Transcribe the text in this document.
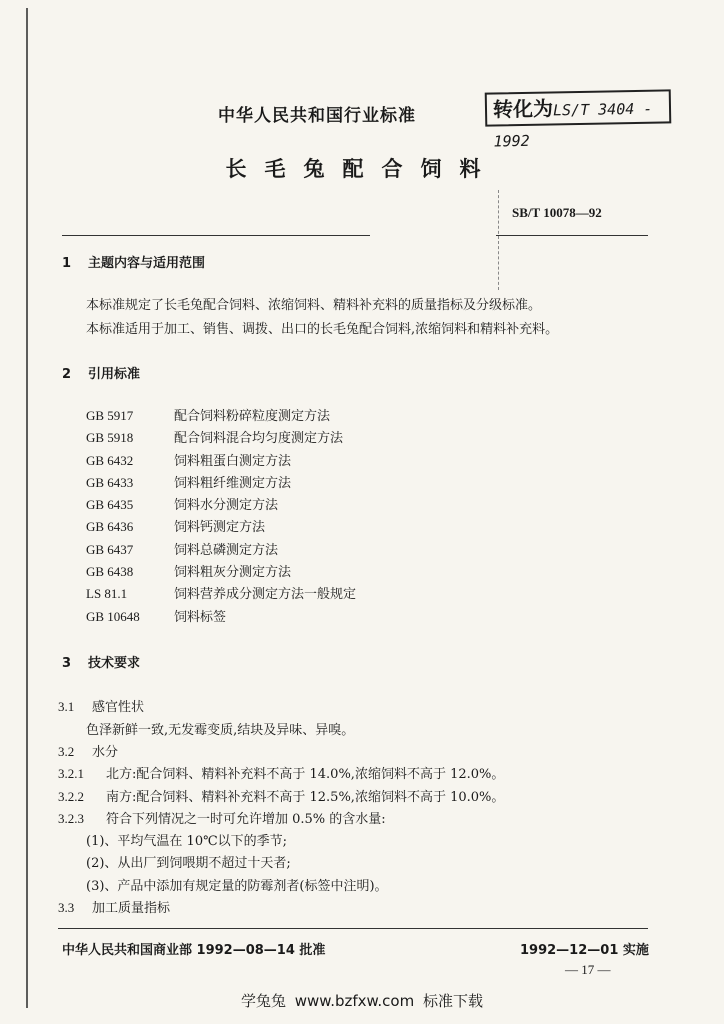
中华人民共和国行业标准	转化为LS/T 3404 - 1992
长毛兔配合饲料
SB/T 10078—92
1 主题内容与适用范围
本标准规定了长毛兔配合饲料、浓缩饲料、精料补充料的质量指标及分级标准。
本标准适用于加工、销售、调拨、出口的长毛兔配合饲料,浓缩饲料和精料补充料。
2 引用标准
GB 5917	配合饲料粉碎粒度测定方法
GB 5918	配合饲料混合均匀度测定方法
GB 6432	饲料粗蛋白测定方法
GB 6433	饲料粗纤维测定方法
GB 6435	饲料水分测定方法
GB 6436	饲料钙测定方法
GB 6437	饲料总磷测定方法
GB 6438	饲料粗灰分测定方法
LS 81.1	饲料营养成分测定方法一般规定
GB 10648	饲料标签
3 技术要求
3.1 感官性状
色泽新鲜一致,无发霉变质,结块及异味、异嗅。
3.2 水分
3.2.1 北方:配合饲料、精料补充料不高于 14.0%,浓缩饲料不高于 12.0%。
3.2.2 南方:配合饲料、精料补充料不高于 12.5%,浓缩饲料不高于 10.0%。
3.2.3 符合下列情况之一时可允许增加 0.5% 的含水量:
(1)、平均气温在 10℃以下的季节;
(2)、从出厂到饲喂期不超过十天者;
(3)、产品中添加有规定量的防霉剂者(标签中注明)。
3.3 加工质量指标
中华人民共和国商业部 1992—08—14 批准	1992—12—01 实施
— 17 —
学兔兔 www.bzfxw.com 标准下载
